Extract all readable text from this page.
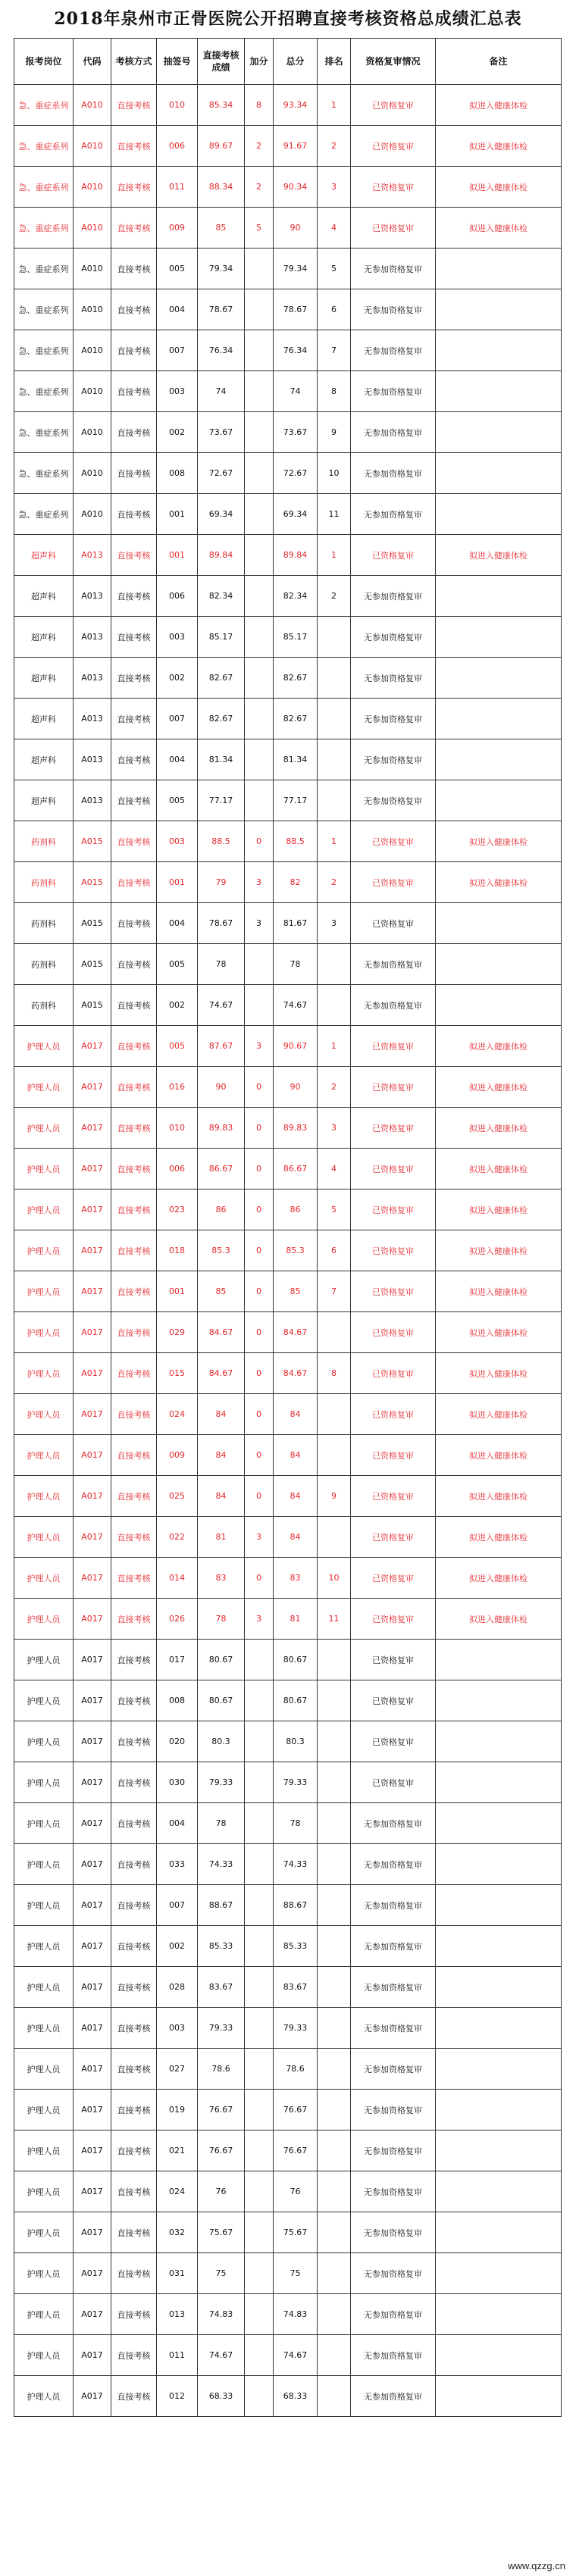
2018年泉州市正骨医院公开招聘直接考核资格总成绩汇总表
报考岗位	代码	考核方式	抽签号	直接考核成绩	加分	总分	排名	资格复审情况	备注
急、重症系列	A010	直接考核	010	85.34	8	93.34	1	已资格复审	拟进入健康体检
急、重症系列	A010	直接考核	006	89.67	2	91.67	2	已资格复审	拟进入健康体检
急、重症系列	A010	直接考核	011	88.34	2	90.34	3	已资格复审	拟进入健康体检
急、重症系列	A010	直接考核	009	85	5	90	4	已资格复审	拟进入健康体检
急、重症系列	A010	直接考核	005	79.34		79.34	5	无参加资格复审	
急、重症系列	A010	直接考核	004	78.67		78.67	6	无参加资格复审	
急、重症系列	A010	直接考核	007	76.34		76.34	7	无参加资格复审	
急、重症系列	A010	直接考核	003	74		74	8	无参加资格复审	
急、重症系列	A010	直接考核	002	73.67		73.67	9	无参加资格复审	
急、重症系列	A010	直接考核	008	72.67		72.67	10	无参加资格复审	
急、重症系列	A010	直接考核	001	69.34		69.34	11	无参加资格复审	
超声科	A013	直接考核	001	89.84		89.84	1	已资格复审	拟进入健康体检
超声科	A013	直接考核	006	82.34		82.34	2	无参加资格复审	
超声科	A013	直接考核	003	85.17		85.17		无参加资格复审	
超声科	A013	直接考核	002	82.67		82.67		无参加资格复审	
超声科	A013	直接考核	007	82.67		82.67		无参加资格复审	
超声科	A013	直接考核	004	81.34		81.34		无参加资格复审	
超声科	A013	直接考核	005	77.17		77.17		无参加资格复审	
药剂科	A015	直接考核	003	88.5	0	88.5	1	已资格复审	拟进入健康体检
药剂科	A015	直接考核	001	79	3	82	2	已资格复审	拟进入健康体检
药剂科	A015	直接考核	004	78.67	3	81.67	3	已资格复审	
药剂科	A015	直接考核	005	78		78		无参加资格复审	
药剂科	A015	直接考核	002	74.67		74.67		无参加资格复审	
护理人员	A017	直接考核	005	87.67	3	90.67	1	已资格复审	拟进入健康体检
护理人员	A017	直接考核	016	90	0	90	2	已资格复审	拟进入健康体检
护理人员	A017	直接考核	010	89.83	0	89.83	3	已资格复审	拟进入健康体检
护理人员	A017	直接考核	006	86.67	0	86.67	4	已资格复审	拟进入健康体检
护理人员	A017	直接考核	023	86	0	86	5	已资格复审	拟进入健康体检
护理人员	A017	直接考核	018	85.3	0	85.3	6	已资格复审	拟进入健康体检
护理人员	A017	直接考核	001	85	0	85	7	已资格复审	拟进入健康体检
护理人员	A017	直接考核	029	84.67	0	84.67		已资格复审	拟进入健康体检
护理人员	A017	直接考核	015	84.67	0	84.67	8	已资格复审	拟进入健康体检
护理人员	A017	直接考核	024	84	0	84		已资格复审	拟进入健康体检
护理人员	A017	直接考核	009	84	0	84		已资格复审	拟进入健康体检
护理人员	A017	直接考核	025	84	0	84	9	已资格复审	拟进入健康体检
护理人员	A017	直接考核	022	81	3	84		已资格复审	拟进入健康体检
护理人员	A017	直接考核	014	83	0	83	10	已资格复审	拟进入健康体检
护理人员	A017	直接考核	026	78	3	81	11	已资格复审	拟进入健康体检
护理人员	A017	直接考核	017	80.67		80.67		已资格复审	
护理人员	A017	直接考核	008	80.67		80.67		已资格复审	
护理人员	A017	直接考核	020	80.3		80.3		已资格复审	
护理人员	A017	直接考核	030	79.33		79.33		已资格复审	
护理人员	A017	直接考核	004	78		78		无参加资格复审	
护理人员	A017	直接考核	033	74.33		74.33		无参加资格复审	
护理人员	A017	直接考核	007	88.67		88.67		无参加资格复审	
护理人员	A017	直接考核	002	85.33		85.33		无参加资格复审	
护理人员	A017	直接考核	028	83.67		83.67		无参加资格复审	
护理人员	A017	直接考核	003	79.33		79.33		无参加资格复审	
护理人员	A017	直接考核	027	78.6		78.6		无参加资格复审	
护理人员	A017	直接考核	019	76.67		76.67		无参加资格复审	
护理人员	A017	直接考核	021	76.67		76.67		无参加资格复审	
护理人员	A017	直接考核	024	76		76		无参加资格复审	
护理人员	A017	直接考核	032	75.67		75.67		无参加资格复审	
护理人员	A017	直接考核	031	75		75		无参加资格复审	
护理人员	A017	直接考核	013	74.83		74.83		无参加资格复审	
护理人员	A017	直接考核	011	74.67		74.67		无参加资格复审	
护理人员	A017	直接考核	012	68.33		68.33		无参加资格复审	
www.qzzg.cn
